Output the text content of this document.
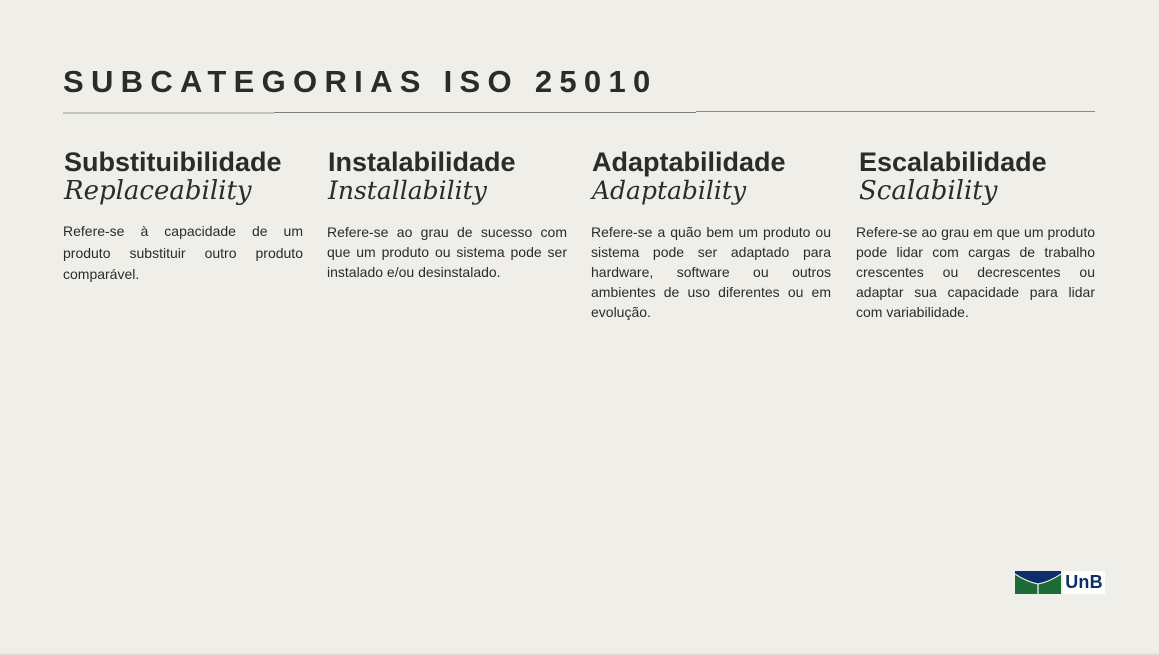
SUBCATEGORIAS ISO 25010
Substituibilidade
Replaceability

Refere-se à capacidade de um produto substituir outro produto comparável.

Instalabilidade
Installability

Refere-se ao grau de sucesso com que um produto ou sistema pode ser instalado e/ou desinstalado.

Adaptabilidade
Adaptability

Refere-se a quão bem um produto ou sistema pode ser adaptado para hardware, software ou outros ambientes de uso diferentes ou em evolução.

Escalabilidade
Scalability

Refere-se ao grau em que um produto pode lidar com cargas de trabalho crescentes ou decrescentes ou adaptar sua capacidade para lidar com variabilidade.

UnB
